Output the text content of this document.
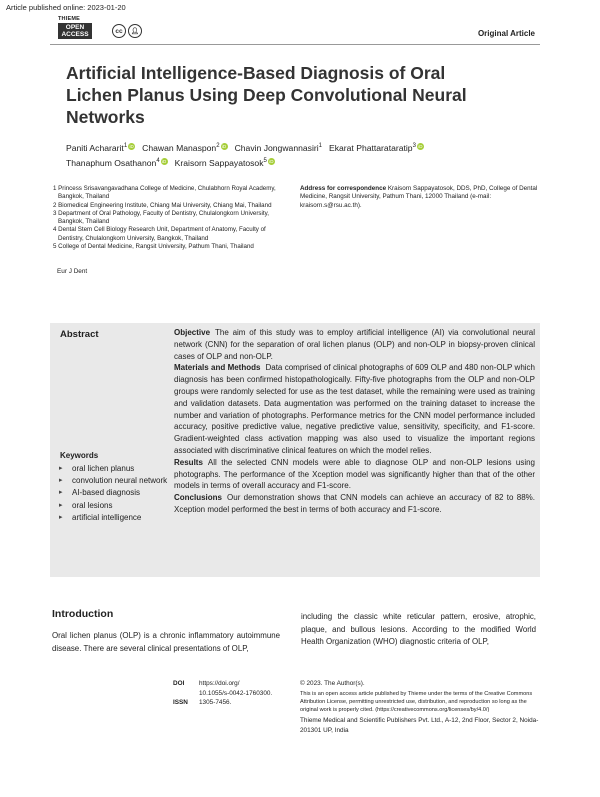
Article published online: 2023-01-20
THIEME
OPEN ACCESS	cc	👤︎	Original Article
Artificial Intelligence-Based Diagnosis of Oral Lichen Planus Using Deep Convolutional Neural Networks
Paniti Achararit$^1$ iD Chawan Manaspon$^2$ iD Chavin Jongwannasiri$^1$ Ekarat Phattarataratip$^3$ iD
Thanaphum Osathanon$^4$ iD Kraisorn Sappayatosok$^5$ iD
1 Princess Srisavangavadhana College of Medicine, Chulabhorn Royal Academy, Bangkok, Thailand
2 Biomedical Engineering Institute, Chiang Mai University, Chiang Mai, Thailand
3 Department of Oral Pathology, Faculty of Dentistry, Chulalongkorn University, Bangkok, Thailand
4 Dental Stem Cell Biology Research Unit, Department of Anatomy, Faculty of Dentistry, Chulalongkorn University, Bangkok, Thailand
5 College of Dental Medicine, Rangsit University, Pathum Thani, Thailand
Eur J Dent
Address for correspondence Kraisorn Sappayatosok, DDS, PhD, College of Dental Medicine, Rangsit University, Pathum Thani, 12000 Thailand (e-mail: kraisorn.s@rsu.ac.th).
Abstract
Keywords
▸ oral lichen planus
▸ convolution neural network
▸ AI-based diagnosis
▸ oral lesions
▸ artificial intelligence

Objective The aim of this study was to employ artificial intelligence (AI) via convolutional neural network (CNN) for the separation of oral lichen planus (OLP) and non-OLP in biopsy-proven clinical cases of OLP and non-OLP.

Materials and Methods Data comprised of clinical photographs of 609 OLP and 480 non-OLP which diagnosis has been confirmed histopathologically. Fifty-five photographs from the OLP and non-OLP groups were randomly selected for use as the test dataset, while the remaining were used as training and validation datasets. Data augmentation was performed on the training dataset to increase the number and variation of photographs. Performance metrics for the CNN model performance included accuracy, positive predictive value, negative predictive value, sensitivity, specificity, and F1-score. Gradient-weighted class activation mapping was also used to visualize the important regions associated with discriminative clinical features on which the model relies.

Results All the selected CNN models were able to diagnose OLP and non-OLP lesions using photographs. The performance of the Xception model was significantly higher than that of the other models in terms of overall accuracy and F1-score.

Conclusions Our demonstration shows that CNN models can achieve an accuracy of 82 to 88%. Xception model performed the best in terms of both accuracy and F1-score.

Introduction
Oral lichen planus (OLP) is a chronic inflammatory autoimmune disease. There are several clinical presentations of OLP,
including the classic white reticular pattern, erosive, atrophic, plaque, and bullous lesions. According to the modified World Health Organization (WHO) diagnostic criteria of OLP,
DOI https://doi.org/
10.1055/s-0042-1760300.
ISSN 1305-7456.
© 2023. The Author(s).
This is an open access article published by Thieme under the terms of the Creative Commons Attribution License, permitting unrestricted use, distribution, and reproduction so long as the original work is properly cited. (https://creativecommons.org/licenses/by/4.0/)
Thieme Medical and Scientific Publishers Pvt. Ltd., A-12, 2nd Floor, Sector 2, Noida-201301 UP, India
